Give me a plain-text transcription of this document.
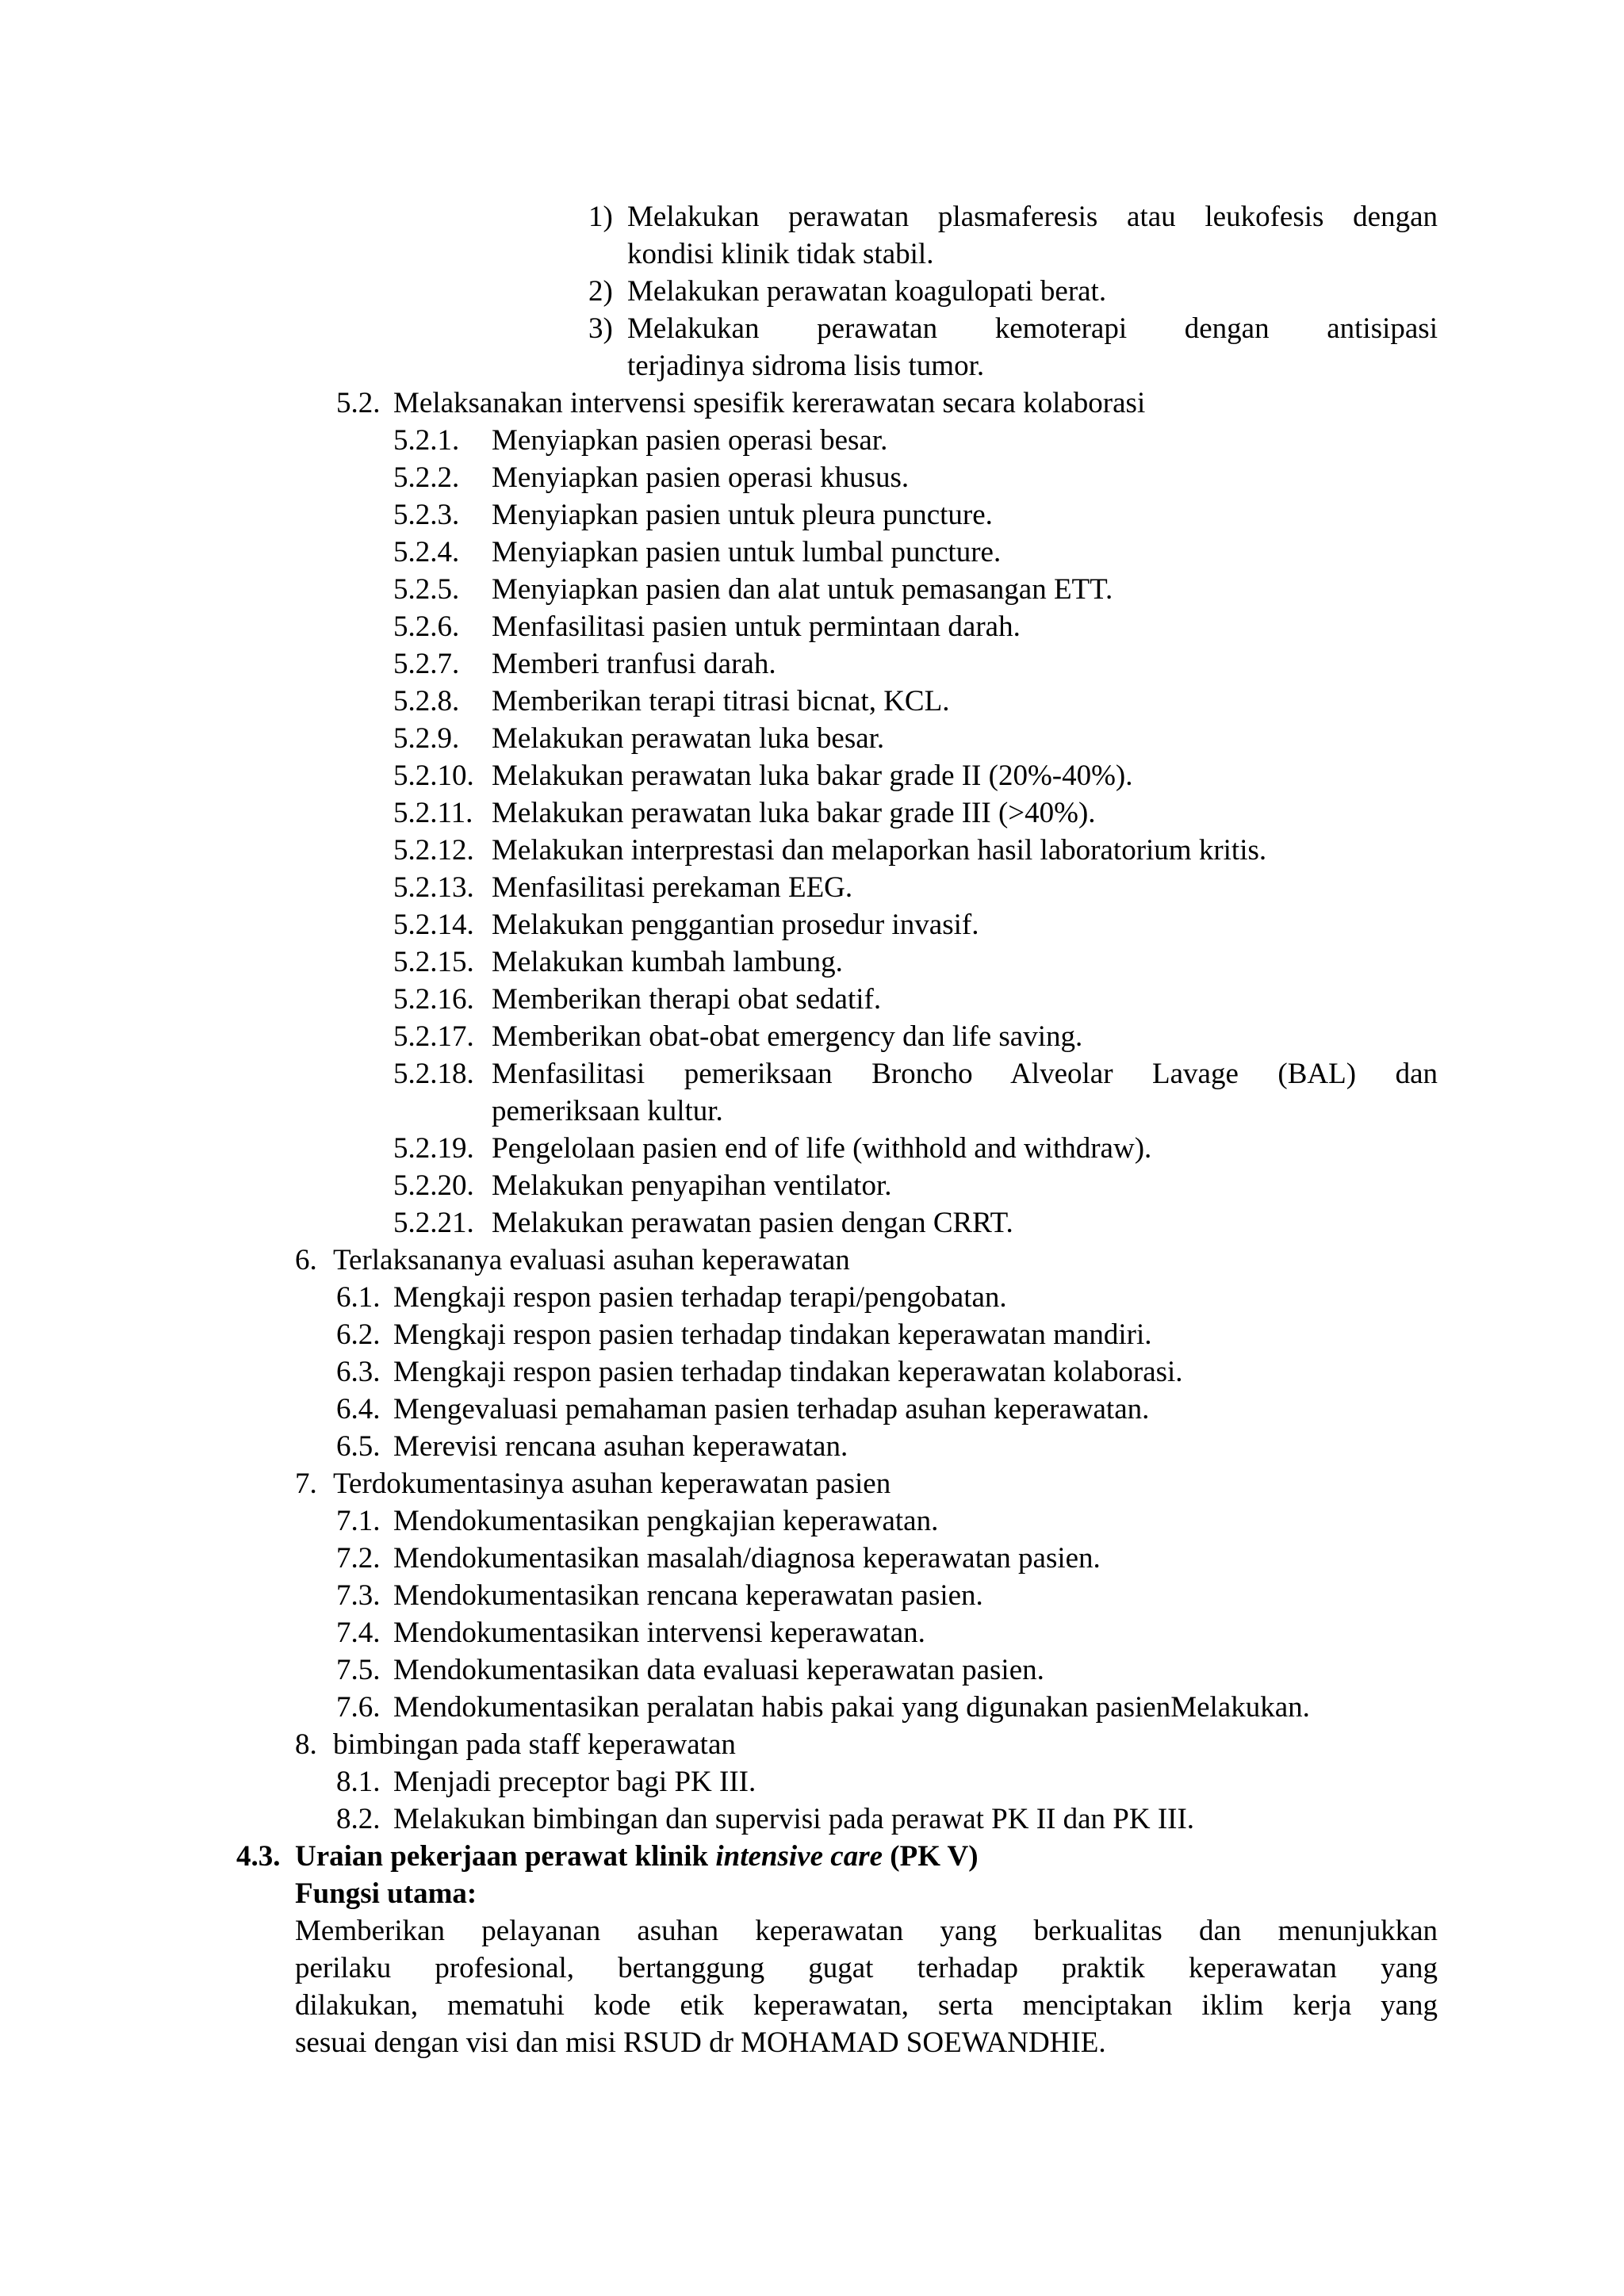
1) Melakukan perawatan plasmaferesis atau leukofesis dengan
kondisi klinik tidak stabil.
2) Melakukan perawatan koagulopati berat.
3) Melakukan perawatan kemoterapi dengan antisipasi
terjadinya sidroma lisis tumor.
5.2. Melaksanakan intervensi spesifik kererawatan secara kolaborasi
5.2.1. Menyiapkan pasien operasi besar.
5.2.2. Menyiapkan pasien operasi khusus.
5.2.3. Menyiapkan pasien untuk pleura puncture.
5.2.4. Menyiapkan pasien untuk lumbal puncture.
5.2.5. Menyiapkan pasien dan alat untuk pemasangan ETT.
5.2.6. Menfasilitasi pasien untuk permintaan darah.
5.2.7. Memberi tranfusi darah.
5.2.8. Memberikan terapi titrasi bicnat, KCL.
5.2.9. Melakukan perawatan luka besar.
5.2.10. Melakukan perawatan luka bakar grade II (20%-40%).
5.2.11. Melakukan perawatan luka bakar grade III (>40%).
5.2.12. Melakukan interprestasi dan melaporkan hasil laboratorium kritis.
5.2.13. Menfasilitasi perekaman EEG.
5.2.14. Melakukan penggantian prosedur invasif.
5.2.15. Melakukan kumbah lambung.
5.2.16. Memberikan therapi obat sedatif.
5.2.17. Memberikan obat-obat emergency dan life saving.
5.2.18. Menfasilitasi pemeriksaan Broncho Alveolar Lavage (BAL) dan
pemeriksaan kultur.
5.2.19. Pengelolaan pasien end of life (withhold and withdraw).
5.2.20. Melakukan penyapihan ventilator.
5.2.21. Melakukan perawatan pasien dengan CRRT.
6. Terlaksananya evaluasi asuhan keperawatan
6.1. Mengkaji respon pasien terhadap terapi/pengobatan.
6.2. Mengkaji respon pasien terhadap tindakan keperawatan mandiri.
6.3. Mengkaji respon pasien terhadap tindakan keperawatan kolaborasi.
6.4. Mengevaluasi pemahaman pasien terhadap asuhan keperawatan.
6.5. Merevisi rencana asuhan keperawatan.
7. Terdokumentasinya asuhan keperawatan pasien
7.1. Mendokumentasikan pengkajian keperawatan.
7.2. Mendokumentasikan masalah/diagnosa keperawatan pasien.
7.3. Mendokumentasikan rencana keperawatan pasien.
7.4. Mendokumentasikan intervensi keperawatan.
7.5. Mendokumentasikan data evaluasi keperawatan pasien.
7.6. Mendokumentasikan peralatan habis pakai yang digunakan pasienMelakukan.
8. bimbingan pada staff keperawatan
8.1. Menjadi preceptor bagi PK III.
8.2. Melakukan bimbingan dan supervisi pada perawat PK II dan PK III.
4.3. Uraian pekerjaan perawat klinik intensive care (PK V)
Fungsi utama:
Memberikan pelayanan asuhan keperawatan yang berkualitas dan menunjukkan
perilaku profesional, bertanggung gugat terhadap praktik keperawatan yang
dilakukan, mematuhi kode etik keperawatan, serta menciptakan iklim kerja yang
sesuai dengan visi dan misi RSUD dr MOHAMAD SOEWANDHIE.
